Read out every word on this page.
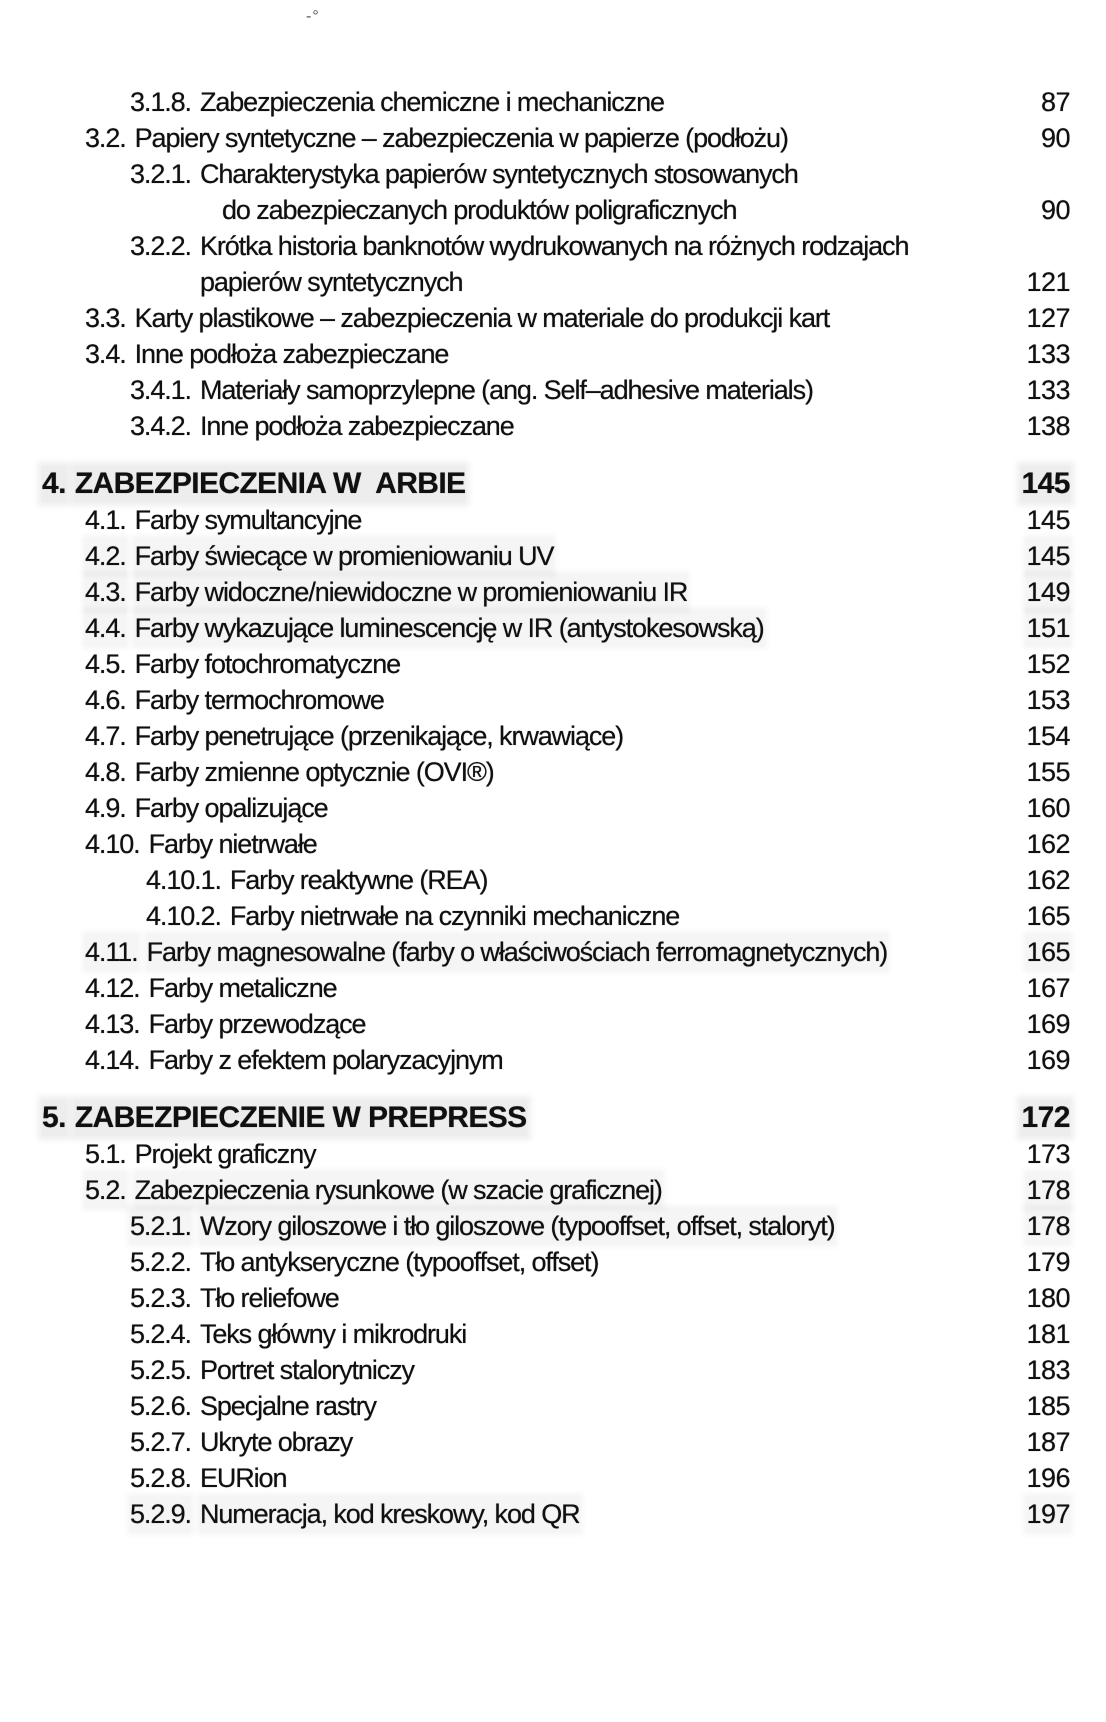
-°
3.1.8. Zabezpieczenia chemiczne i mechaniczne	87
3.2. Papiery syntetyczne – zabezpieczenia w papierze (podłożu)	90
3.2.1. Charakterystyka papierów syntetycznych stosowanych
do zabezpieczanych produktów poligraficznych	90
3.2.2. Krótka historia banknotów wydrukowanych na różnych rodzajach
papierów syntetycznych	121
3.3. Karty plastikowe – zabezpieczenia w materiale do produkcji kart	127
3.4. Inne podłoża zabezpieczane	133
3.4.1. Materiały samoprzylepne (ang. Self–adhesive materials)	133
3.4.2. Inne podłoża zabezpieczane	138
4. ZABEZPIECZENIA W  ARBIE	145
4.1. Farby symultancyjne	145
4.2. Farby świecące w promieniowaniu UV	145
4.3. Farby widoczne/niewidoczne w promieniowaniu IR	149
4.4. Farby wykazujące luminescencję w IR (antystokesowską)	151
4.5. Farby fotochromatyczne	152
4.6. Farby termochromowe	153
4.7. Farby penetrujące (przenikające, krwawiące)	154
4.8. Farby zmienne optycznie (OVI®)	155
4.9. Farby opalizujące	160
4.10. Farby nietrwałe	162
4.10.1. Farby reaktywne (REA)	162
4.10.2. Farby nietrwałe na czynniki mechaniczne	165
4.11. Farby magnesowalne (farby o właściwościach ferromagnetycznych)	165
4.12. Farby metaliczne	167
4.13. Farby przewodzące	169
4.14. Farby z efektem polaryzacyjnym	169
5. ZABEZPIECZENIE W PREPRESS	172
5.1. Projekt graficzny	173
5.2. Zabezpieczenia rysunkowe (w szacie graficznej)	178
5.2.1. Wzory giloszowe i tło giloszowe (typooffset, offset, staloryt)	178
5.2.2. Tło antykseryczne (typooffset, offset)	179
5.2.3. Tło reliefowe	180
5.2.4. Teks główny i mikrodruki	181
5.2.5. Portret stalorytniczy	183
5.2.6. Specjalne rastry	185
5.2.7. Ukryte obrazy	187
5.2.8. EURion	196
5.2.9. Numeracja, kod kreskowy, kod QR	197
